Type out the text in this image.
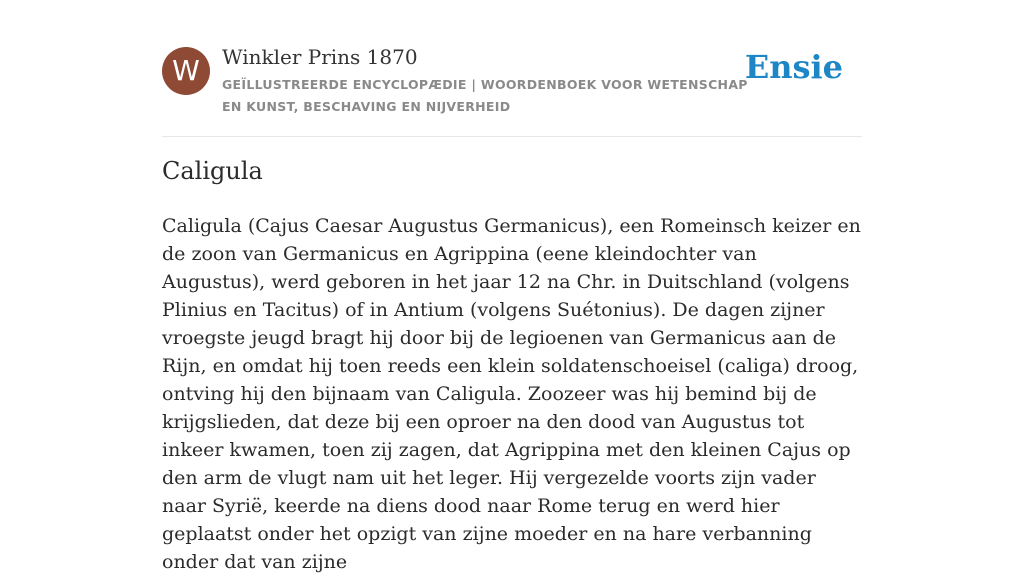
W	Winkler Prins 1870
GEÏLLUSTREERDE ENCYCLOPÆDIE | WOORDENBOEK VOOR WETENSCHAP EN KUNST, BESCHAVING EN NIJVERHEID
Ensie
Caligula

Caligula (Cajus Caesar Augustus Germanicus), een Romeinsch keizer en de zoon van Germanicus en Agrippina (eene kleindochter van Augustus), werd geboren in het jaar 12 na Chr. in Duitschland (volgens Plinius en Tacitus) of in Antium (volgens Suétonius). De dagen zijner vroegste jeugd bragt hij door bij de legioenen van Germanicus aan de Rijn, en omdat hij toen reeds een klein soldatenschoeisel (caliga) droog, ontving hij den bijnaam van Caligula. Zoozeer was hij bemind bij de krijgslieden, dat deze bij een oproer na den dood van Augustus tot inkeer kwamen, toen zij zagen, dat Agrippina met den kleinen Cajus op den arm de vlugt nam uit het leger. Hij vergezelde voorts zijn vader naar Syrië, keerde na diens dood naar Rome terug en werd hier geplaatst onder het opzigt van zijne moeder en na hare verbanning onder dat van zijne
